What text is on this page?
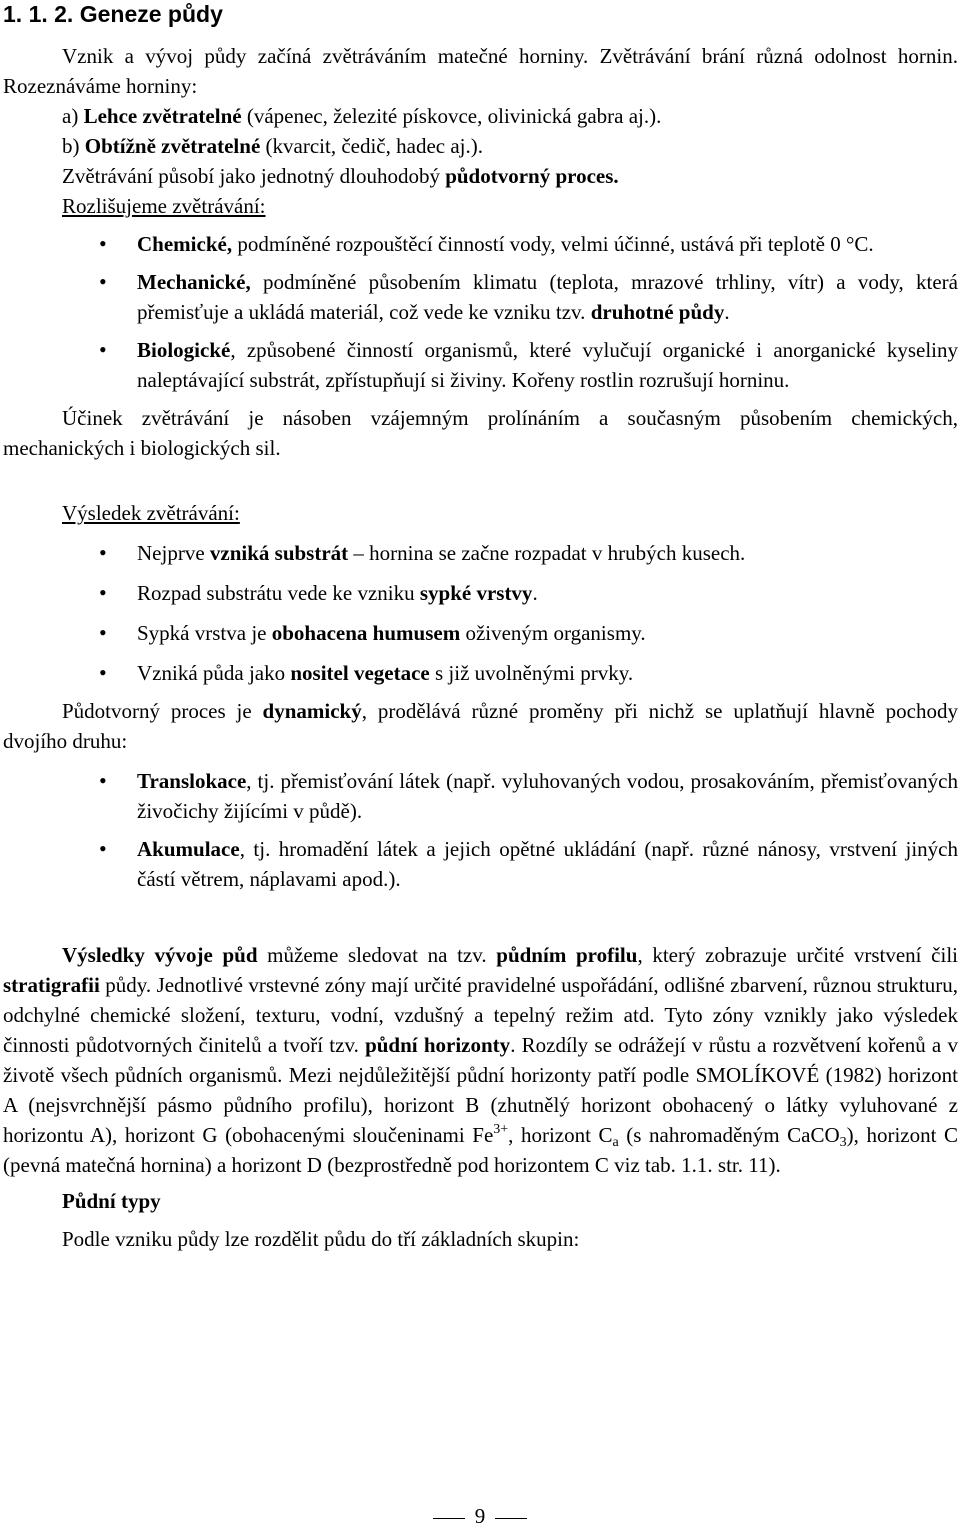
1. 1. 2. Geneze půdy

Vznik a vývoj půdy začíná zvětráváním matečné horniny. Zvětrávání brání různá odolnost hornin. Rozeznáváme horniny:

a) Lehce zvětratelné (vápenec, železité pískovce, olivinická gabra aj.).

b) Obtížně zvětratelné (kvarcit, čedič, hadec aj.).

Zvětrávání působí jako jednotný dlouhodobý půdotvorný proces.

Rozlišujeme zvětrávání:

• Chemické, podmíněné rozpouštěcí činností vody, velmi účinné, ustává při teplotě 0 °C.
• Mechanické, podmíněné působením klimatu (teplota, mrazové trhliny, vítr) a vody, která přemisťuje a ukládá materiál, což vede ke vzniku tzv. druhotné půdy.
• Biologické, způsobené činností organismů, které vylučují organické i anorganické kyseliny naleptávající substrát, zpřístupňují si živiny. Kořeny rostlin rozrušují horninu.

Účinek zvětrávání je násoben vzájemným prolínáním a současným působením chemických, mechanických i biologických sil.

Výsledek zvětrávání:

• Nejprve vzniká substrát – hornina se začne rozpadat v hrubých kusech.
• Rozpad substrátu vede ke vzniku sypké vrstvy.
• Sypká vrstva je obohacena humusem oživeným organismy.
• Vzniká půda jako nositel vegetace s již uvolněnými prvky.

Půdotvorný proces je dynamický, prodělává různé proměny při nichž se uplatňují hlavně pochody dvojího druhu:

• Translokace, tj. přemisťování látek (např. vyluhovaných vodou, prosakováním, přemisťovaných živočichy žijícími v půdě).
• Akumulace, tj. hromadění látek a jejich opětné ukládání (např. různé nánosy, vrstvení jiných částí větrem, náplavami apod.).

Výsledky vývoje půd můžeme sledovat na tzv. půdním profilu, který zobrazuje určité vrstvení čili stratigrafii půdy. Jednotlivé vrstevné zóny mají určité pravidelné uspořádání, odlišné zbarvení, různou strukturu, odchylné chemické složení, texturu, vodní, vzdušný a tepelný režim atd. Tyto zóny vznikly jako výsledek činnosti půdotvorných činitelů a tvoří tzv. půdní horizonty. Rozdíly se odrážejí v růstu a rozvětvení kořenů a v životě všech půdních organismů. Mezi nejdůležitější půdní horizonty patří podle SMOLÍKOVÉ (1982) horizont A (nejsvrchnější pásmo půdního profilu), horizont B (zhutnělý horizont obohacený o látky vyluhované z horizontu A), horizont G (obohacenými sloučeninami $Fe^{3+}$, horizont $C_a$ (s nahromaděným CaCO$_3$), horizont C (pevná matečná hornina) a horizont D (bezprostředně pod horizontem C viz tab. 1.1. str. 11).

Půdní typy

Podle vzniku půdy lze rozdělit půdu do tří základních skupin:

9
